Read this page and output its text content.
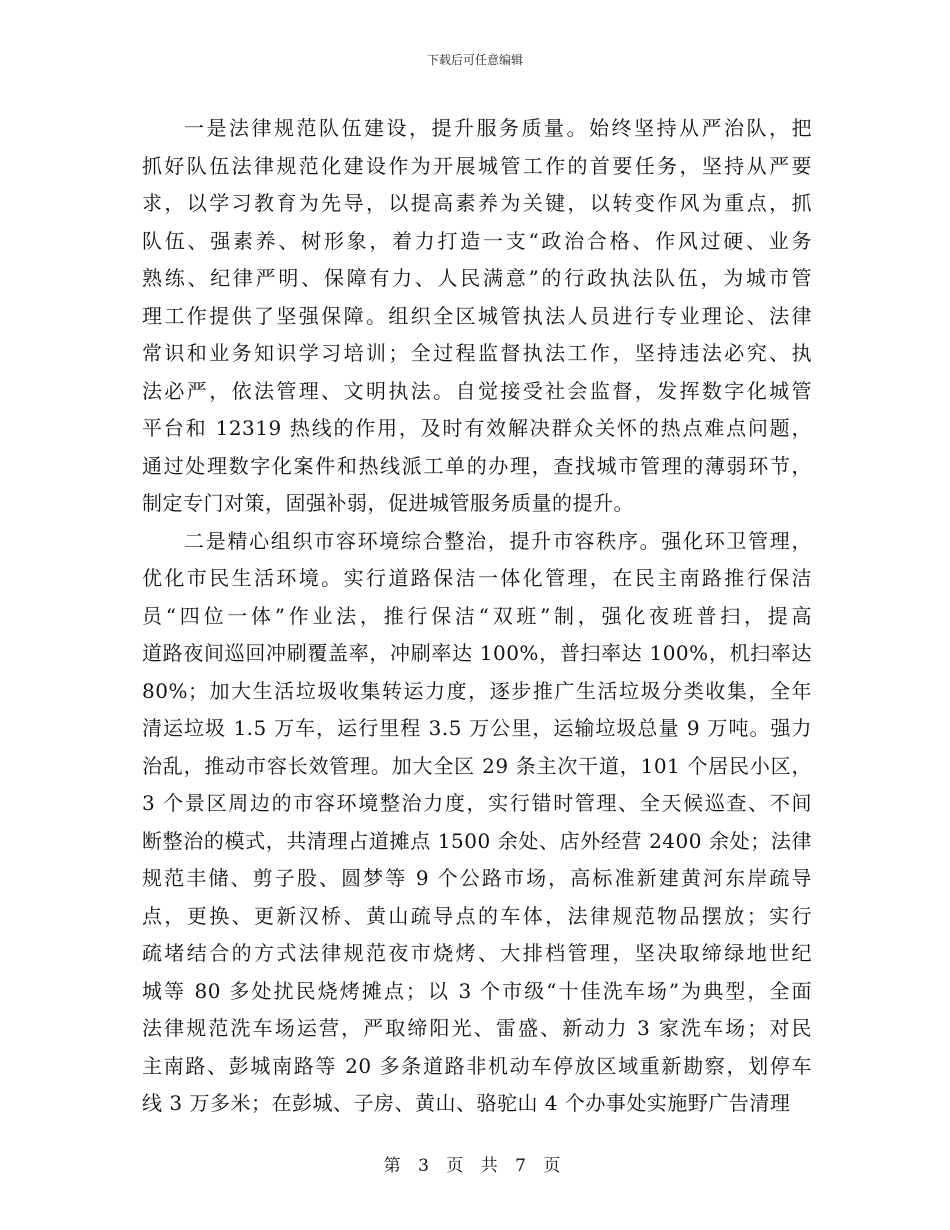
下载后可任意编辑
一是法律规范队伍建设，提升服务质量。始终坚持从严治队，把
抓好队伍法律规范化建设作为开展城管工作的首要任务，坚持从严要
求，以学习教育为先导，以提高素养为关键，以转变作风为重点，抓
队伍、强素养、树形象，着力打造一支“政治合格、作风过硬、业务
熟练、纪律严明、保障有力、人民满意”的行政执法队伍，为城市管
理工作提供了坚强保障。组织全区城管执法人员进行专业理论、法律
常识和业务知识学习培训；全过程监督执法工作，坚持违法必究、执
法必严，依法管理、文明执法。自觉接受社会监督，发挥数字化城管
平台和 12319 热线的作用，及时有效解决群众关怀的热点难点问题，
通过处理数字化案件和热线派工单的办理，查找城市管理的薄弱环节，
制定专门对策，固强补弱，促进城管服务质量的提升。
二是精心组织市容环境综合整治，提升市容秩序。强化环卫管理，
优化市民生活环境。实行道路保洁一体化管理，在民主南路推行保洁
员“四位一体”作业法，推行保洁“双班”制，强化夜班普扫，提高
道路夜间巡回冲刷覆盖率，冲刷率达 100%，普扫率达 100%，机扫率达
80%；加大生活垃圾收集转运力度，逐步推广生活垃圾分类收集，全年
清运垃圾 1.5 万车，运行里程 3.5 万公里，运输垃圾总量 9 万吨。强力
治乱，推动市容长效管理。加大全区 29 条主次干道，101 个居民小区，
3 个景区周边的市容环境整治力度，实行错时管理、全天候巡查、不间
断整治的模式，共清理占道摊点 1500 余处、店外经营 2400 余处；法律
规范丰储、剪子股、圆梦等 9 个公路市场，高标准新建黄河东岸疏导
点，更换、更新汉桥、黄山疏导点的车体，法律规范物品摆放；实行
疏堵结合的方式法律规范夜市烧烤、大排档管理，坚决取缔绿地世纪
城等 80 多处扰民烧烤摊点；以 3 个市级“十佳洗车场”为典型，全面
法律规范洗车场运营，严取缔阳光、雷盛、新动力 3 家洗车场；对民
主南路、彭城南路等 20 多条道路非机动车停放区域重新勘察，划停车
线 3 万多米；在彭城、子房、黄山、骆驼山 4 个办事处实施野广告清理
第 3 页 共 7 页
